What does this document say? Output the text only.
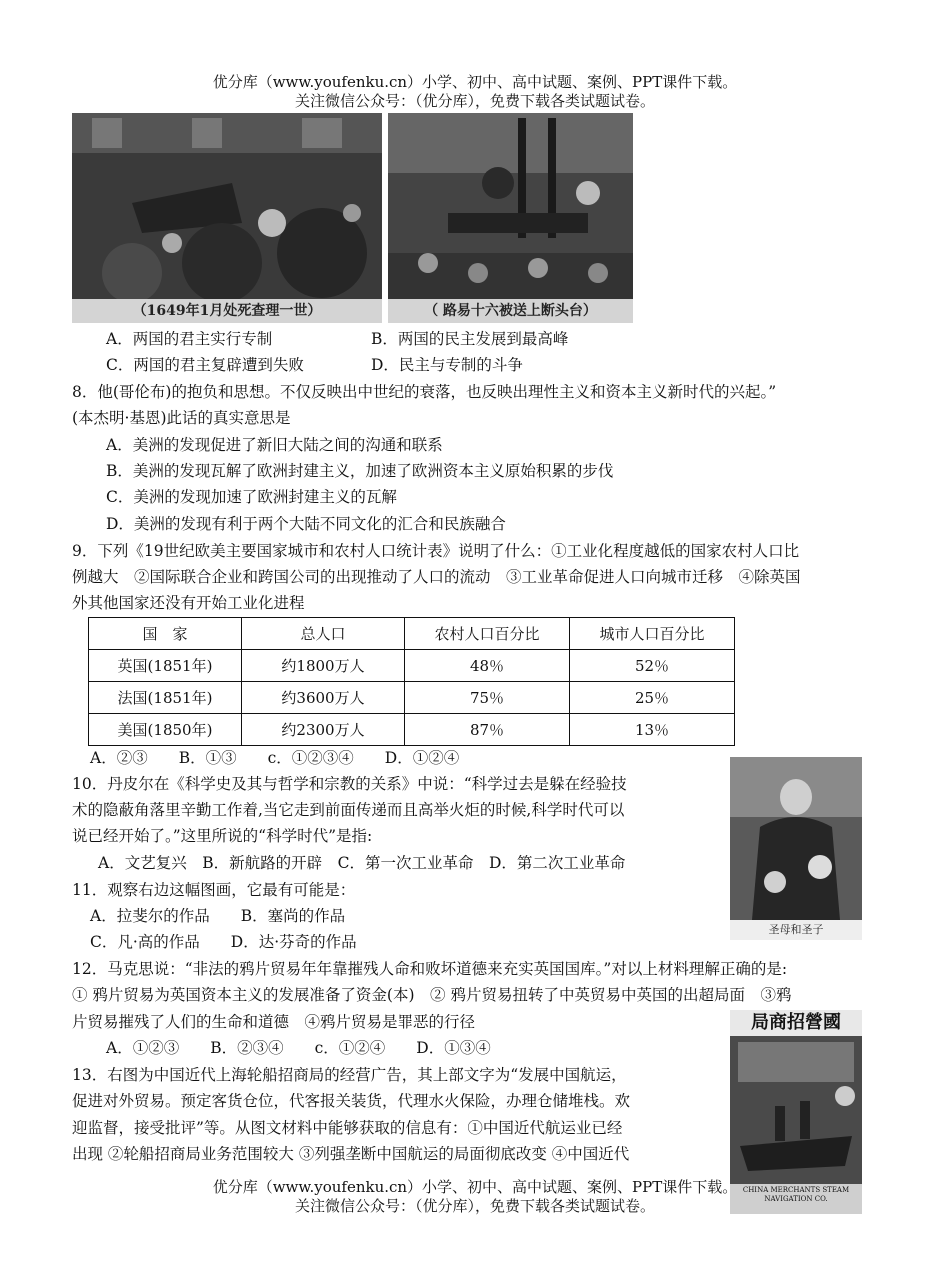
优分库（www.youfenku.cn）小学、初中、高中试题、案例、PPT课件下载。
关注微信公众号：（优分库），免费下载各类试题试卷。
（1649年1月处死查理一世）	（ 路易十六被送上断头台）
A．两国的君主实行专制	B．两国的民主发展到最高峰
C．两国的君主复辟遭到失败	D．民主与专制的斗争
8．他(哥伦布)的抱负和思想。不仅反映出中世纪的衰落，也反映出理性主义和资本主义新时代的兴起。”
(本杰明·基恩)此话的真实意思是
A．美洲的发现促进了新旧大陆之间的沟通和联系
B．美洲的发现瓦解了欧洲封建主义，加速了欧洲资本主义原始积累的步伐
C．美洲的发现加速了欧洲封建主义的瓦解
D．美洲的发现有利于两个大陆不同文化的汇合和民族融合
9．下列《19世纪欧美主要国家城市和农村人口统计表》说明了什么：①工业化程度越低的国家农村人口比
例越大　②国际联合企业和跨国公司的出现推动了人口的流动　③工业革命促进人口向城市迁移　④除英国
外其他国家还没有开始工业化进程
国　家	总人口	农村人口百分比	城市人口百分比
英国(1851年)	约1800万人	48％	52％
法国(1851年)	约3600万人	75％	25％
美国(1850年)	约2300万人	87％	13％
A．②③　　B．①③　　c．①②③④　　D．①②④
圣母和圣子
10．丹皮尔在《科学史及其与哲学和宗教的关系》中说：“科学过去是躲在经验技
术的隐蔽角落里辛勤工作着,当它走到前面传递而且高举火炬的时候,科学时代可以
说已经开始了。”这里所说的“科学时代”是指:
A．文艺复兴　B．新航路的开辟　C．第一次工业革命　D．第二次工业革命
11．观察右边这幅图画，它最有可能是：
A．拉斐尔的作品　　B．塞尚的作品
C．凡·高的作品　　D．达·芬奇的作品
12．马克思说：“非法的鸦片贸易年年靠摧残人命和败坏道德来充实英国国库。”对以上材料理解正确的是:
① 鸦片贸易为英国资本主义的发展准备了资金(本)　② 鸦片贸易扭转了中英贸易中英国的出超局面　③鸦
片贸易摧残了人们的生命和道德　④鸦片贸易是罪恶的行径
A．①②③　　B．②③④　　c．①②④　　D．①③④
局商招營國
CHINA MERCHANTS STEAM NAVIGATION CO.
13．右图为中国近代上海轮船招商局的经营广告，其上部文字为“发展中国航运，
促进对外贸易。预定客货仓位，代客报关装货，代理水火保险，办理仓储堆栈。欢
迎监督，接受批评”等。从图文材料中能够获取的信息有：①中国近代航运业已经
出现 ②轮船招商局业务范围较大 ③列强垄断中国航运的局面彻底改变 ④中国近代
优分库（www.youfenku.cn）小学、初中、高中试题、案例、PPT课件下载。
关注微信公众号：（优分库），免费下载各类试题试卷。
